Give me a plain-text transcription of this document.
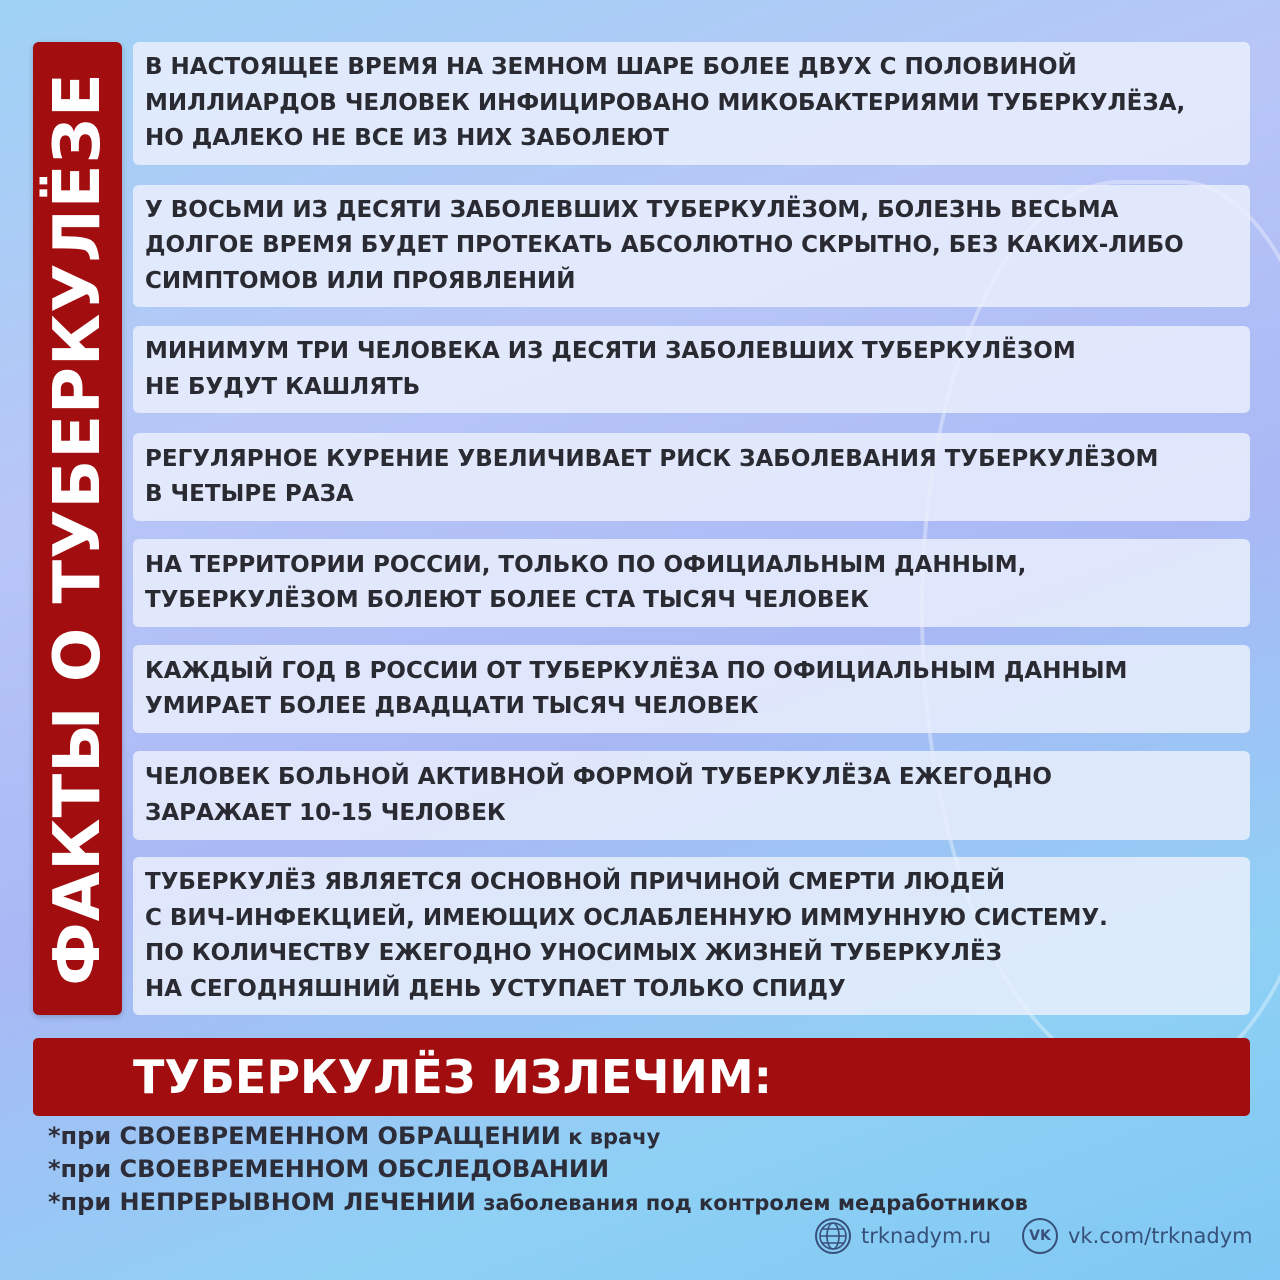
ФАКТЫ О ТУБЕРКУЛЁЗЕ

В НАСТОЯЩЕЕ ВРЕМЯ НА ЗЕМНОМ ШАРЕ БОЛЕЕ ДВУХ С ПОЛОВИНОЙ
МИЛЛИАРДОВ ЧЕЛОВЕК ИНФИЦИРОВАНО МИКОБАКТЕРИЯМИ ТУБЕРКУЛЁЗА,
НО ДАЛЕКО НЕ ВСЕ ИЗ НИХ ЗАБОЛЕЮТ

У ВОСЬМИ ИЗ ДЕСЯТИ ЗАБОЛЕВШИХ ТУБЕРКУЛЁЗОМ, БОЛЕЗНЬ ВЕСЬМА
ДОЛГОЕ ВРЕМЯ БУДЕТ ПРОТЕКАТЬ АБСОЛЮТНО СКРЫТНО, БЕЗ КАКИХ-ЛИБО
СИМПТОМОВ ИЛИ ПРОЯВЛЕНИЙ

МИНИМУМ ТРИ ЧЕЛОВЕКА ИЗ ДЕСЯТИ ЗАБОЛЕВШИХ ТУБЕРКУЛЁЗОМ
НЕ БУДУТ КАШЛЯТЬ

РЕГУЛЯРНОЕ КУРЕНИЕ УВЕЛИЧИВАЕТ РИСК ЗАБОЛЕВАНИЯ ТУБЕРКУЛЁЗОМ
В ЧЕТЫРЕ РАЗА

НА ТЕРРИТОРИИ РОССИИ, ТОЛЬКО ПО ОФИЦИАЛЬНЫМ ДАННЫМ,
ТУБЕРКУЛЁЗОМ БОЛЕЮТ БОЛЕЕ СТА ТЫСЯЧ ЧЕЛОВЕК

КАЖДЫЙ ГОД В РОССИИ ОТ ТУБЕРКУЛЁЗА ПО ОФИЦИАЛЬНЫМ ДАННЫМ
УМИРАЕТ БОЛЕЕ ДВАДЦАТИ ТЫСЯЧ ЧЕЛОВЕК

ЧЕЛОВЕК БОЛЬНОЙ АКТИВНОЙ ФОРМОЙ ТУБЕРКУЛЁЗА ЕЖЕГОДНО
ЗАРАЖАЕТ 10-15 ЧЕЛОВЕК

ТУБЕРКУЛЁЗ ЯВЛЯЕТСЯ ОСНОВНОЙ ПРИЧИНОЙ СМЕРТИ ЛЮДЕЙ
С ВИЧ-ИНФЕКЦИЕЙ, ИМЕЮЩИХ ОСЛАБЛЕННУЮ ИММУННУЮ СИСТЕМУ.
ПО КОЛИЧЕСТВУ ЕЖЕГОДНО УНОСИМЫХ ЖИЗНЕЙ ТУБЕРКУЛЁЗ
НА СЕГОДНЯШНИЙ ДЕНЬ УСТУПАЕТ ТОЛЬКО СПИДУ

ТУБЕРКУЛЁЗ ИЗЛЕЧИМ:
*при СВОЕВРЕМЕННОМ ОБРАЩЕНИИ к врачу
*при СВОЕВРЕМЕННОМ ОБСЛЕДОВАНИИ
*при НЕПРЕРЫВНОМ ЛЕЧЕНИИ заболевания под контролем медработников
trknadym.ru	VK vk.com/trknadym
